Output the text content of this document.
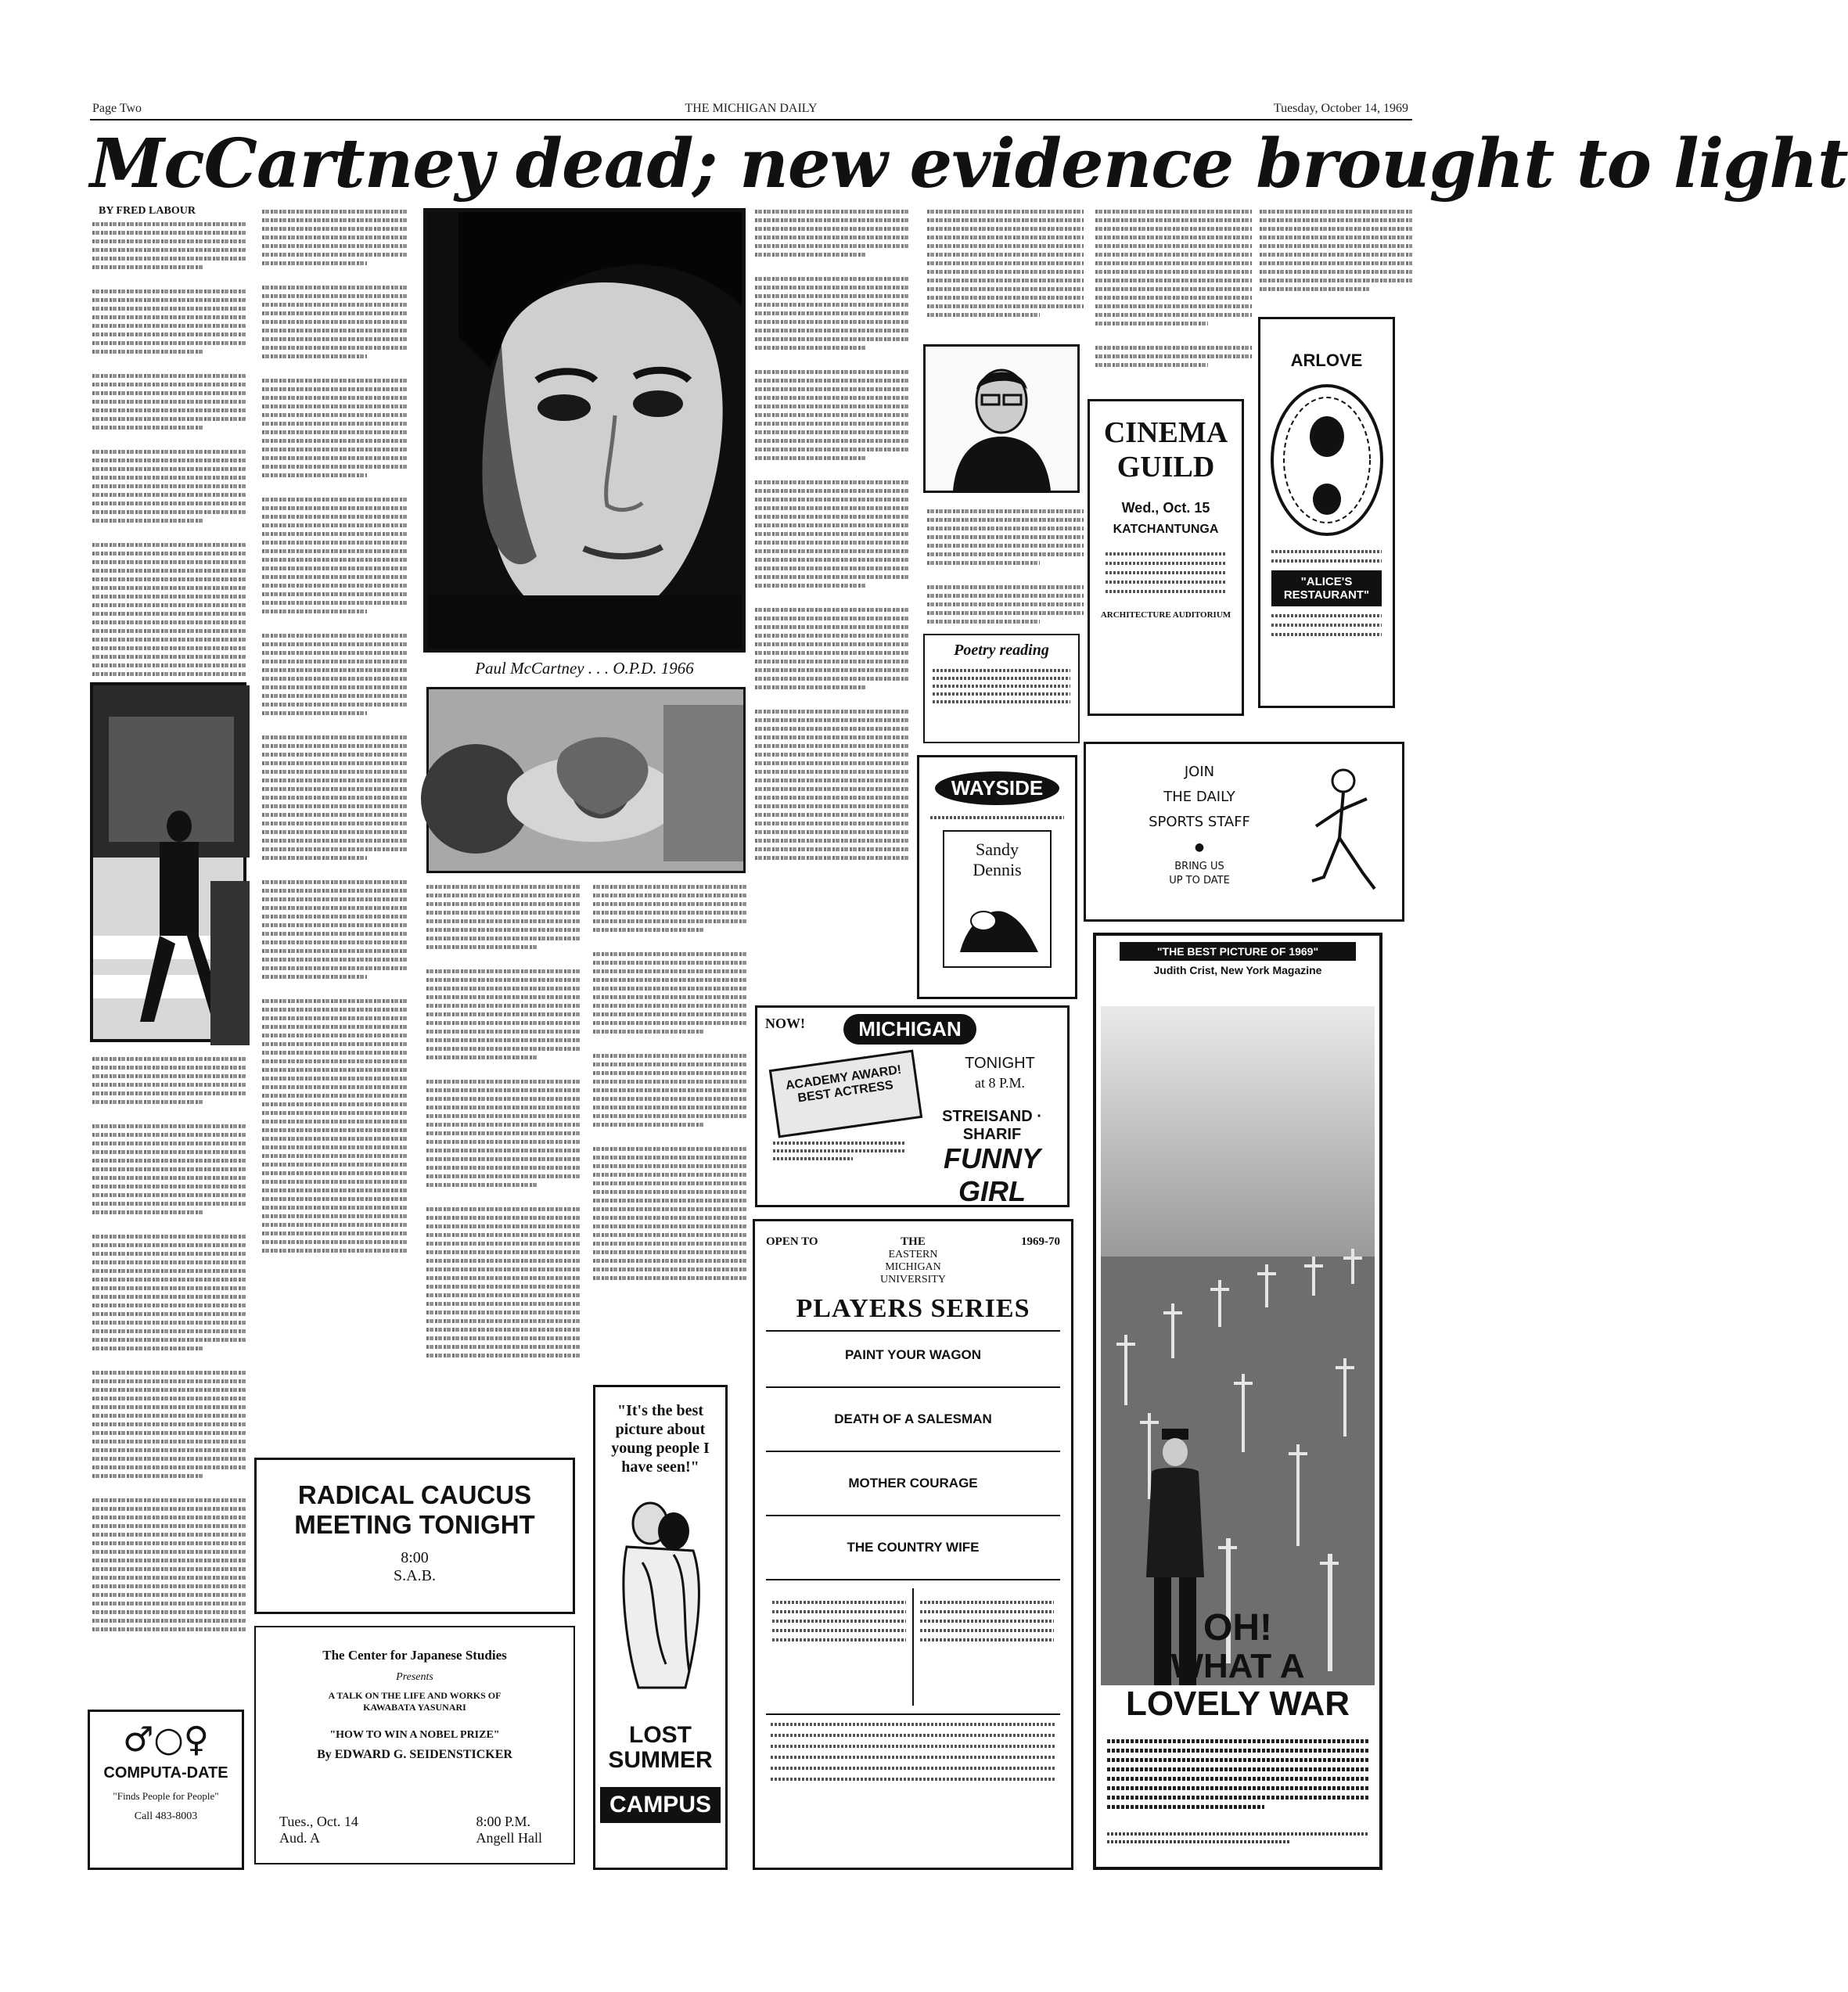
Page Two	THE MICHIGAN DAILY	Tuesday, October 14, 1969
McCartney dead; new evidence brought to light
BY FRED LABOUR
♂○♀
COMPUTA-DATE
"Finds People for People"
Call 483-8003
Paul McCartney . . . O.P.D. 1966
RADICAL CAUCUS
MEETING TONIGHT
8:00
S.A.B.
The Center for Japanese Studies
Presents
A TALK ON THE LIFE AND WORKS OF KAWABATA YASUNARI
"HOW TO WIN A NOBEL PRIZE"
By EDWARD G. SEIDENSTICKER
Tues., Oct. 14
Aud. A
8:00 P.M.
Angell Hall
"It's the best picture about young people I have seen!"
LOST SUMMER
CAMPUS
Poetry reading
WAYSIDE
Sandy
Dennis
NOW!	MICHIGAN
TONIGHT
at 8 P.M.
ACADEMY AWARD! BEST ACTRESS
STREISAND · SHARIF
FUNNY GIRL
OPEN TO	1969-70
THE
EASTERN
MICHIGAN
UNIVERSITY
PLAYERS SERIES
PAINT YOUR WAGON
DEATH OF A SALESMAN
MOTHER COURAGE
THE COUNTRY WIFE
CINEMA
GUILD
Wed., Oct. 15
KATCHANTUNGA
ARCHITECTURE AUDITORIUM
ARLOVE
"ALICE'S RESTAURANT"
JOIN
THE DAILY
SPORTS STAFF
●
BRING US
UP TO DATE
"THE BEST PICTURE OF 1969"
Judith Crist, New York Magazine
OH!
WHAT A
LOVELY WAR
